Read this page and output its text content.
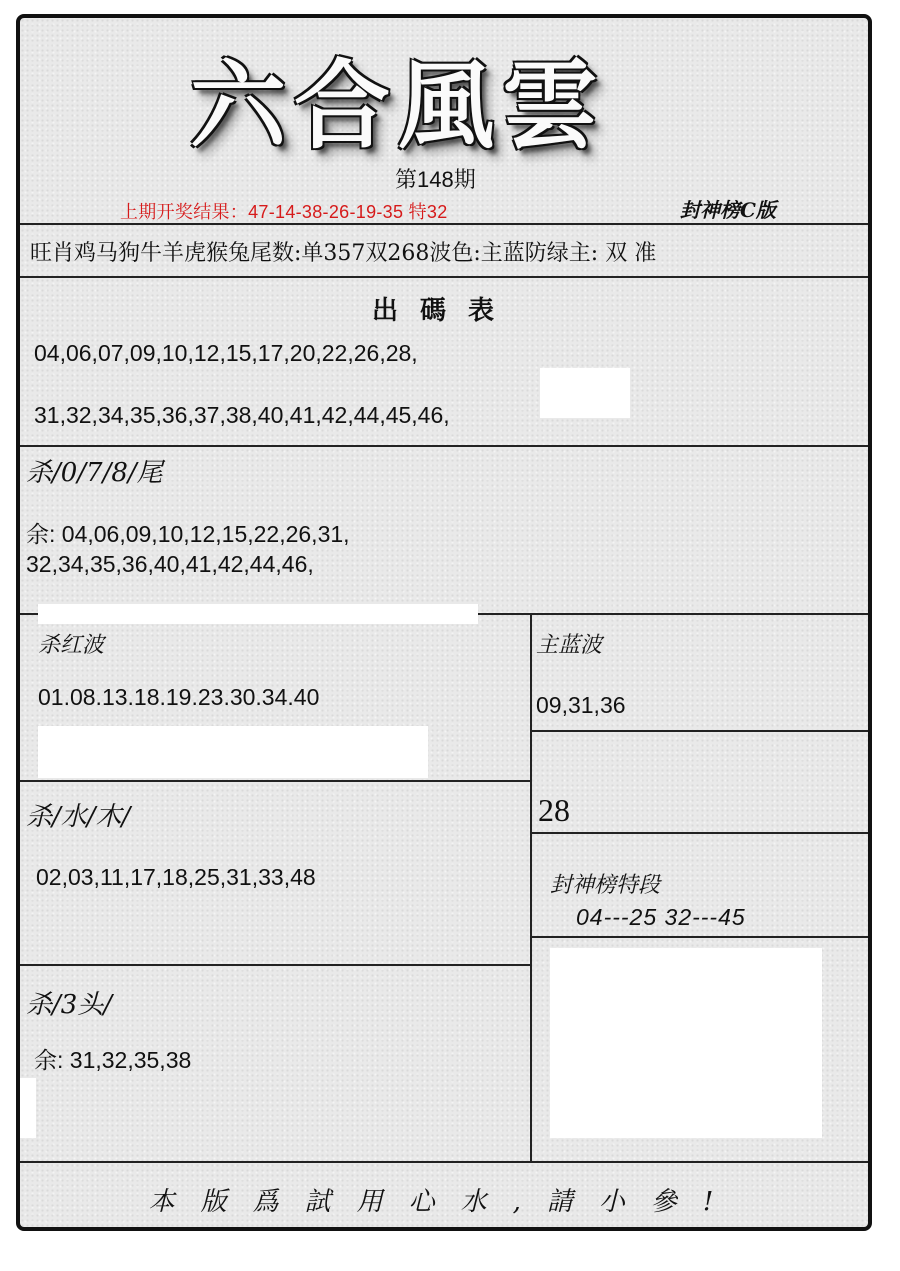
六合風雲
第148期
上期开奖结果：47-14-38-26-19-35 特32	封神榜C版
旺肖鸡马狗牛羊虎猴兔尾数:单357双268波色:主蓝防绿主: 双 准
出碼表
04,06,07,09,10,12,15,17,20,22,26,28,
31,32,34,35,36,37,38,40,41,42,44,45,46,
杀/0/7/8/尾
余: 04,06,09,10,12,15,22,26,31,
32,34,35,36,40,41,42,44,46,
杀红波
01.08.13.18.19.23.30.34.40
主蓝波
09,31,36
杀/水/木/
02,03,11,17,18,25,31,33,48
28
封神榜特段
04---25 32---45
杀/3头/
余: 31,32,35,38
本版爲試用心水,請小參!
